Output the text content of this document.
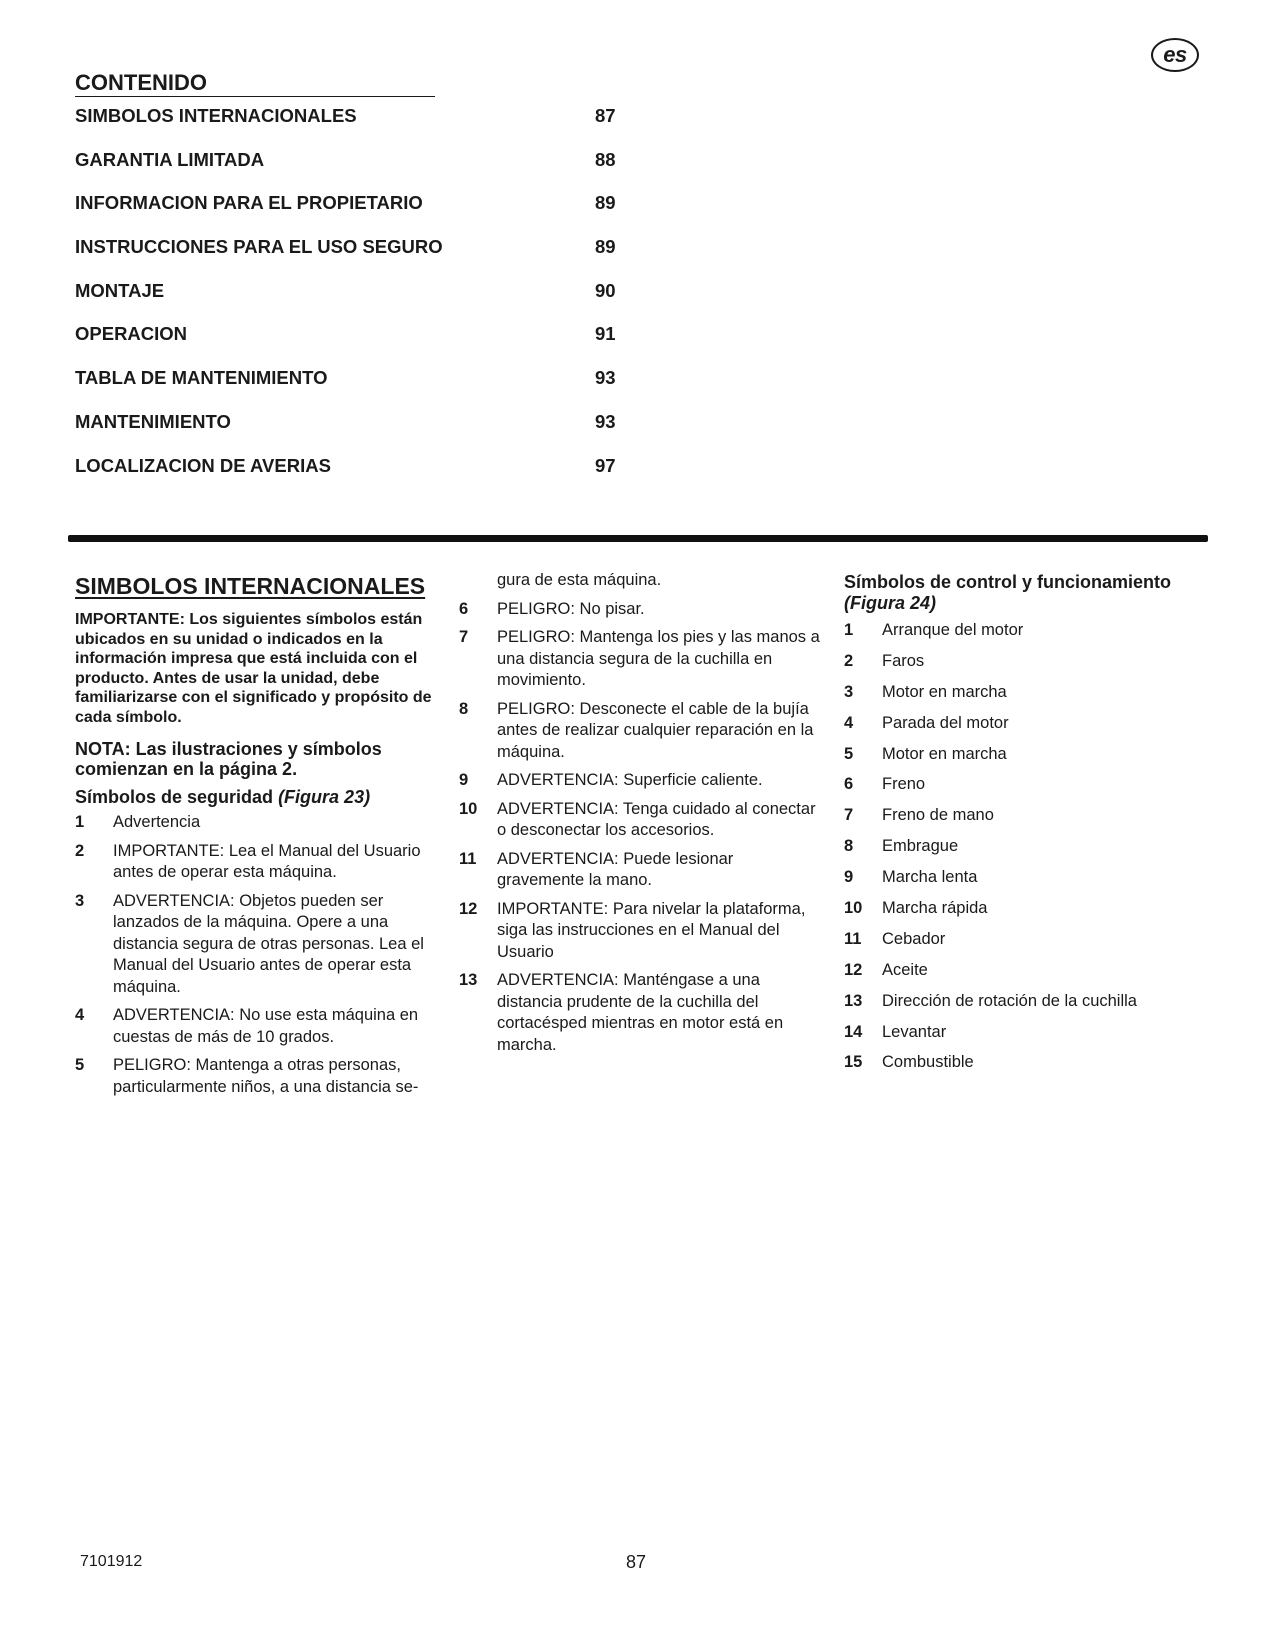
es
CONTENIDO
SIMBOLOS INTERNACIONALES	87
GARANTIA LIMITADA	88
INFORMACION PARA EL PROPIETARIO	89
INSTRUCCIONES PARA EL USO SEGURO	89
MONTAJE	90
OPERACION	91
TABLA DE MANTENIMIENTO	93
MANTENIMIENTO	93
LOCALIZACION DE AVERIAS	97
SIMBOLOS INTERNACIONALES
IMPORTANTE: Los siguientes símbolos están ubicados en su unidad o indicados en la información impresa que está incluida con el producto. Antes de usar la unidad, debe familiarizarse con el significado y propósito de cada símbolo.
NOTA: Las ilustraciones y símbolos comienzan en la página 2.
Símbolos de seguridad (Figura 23)
1	Advertencia
2	IMPORTANTE: Lea el Manual del Usuario antes de operar esta máquina.
3	ADVERTENCIA: Objetos pueden ser lanzados de la máquina. Opere a una distancia segura de otras personas. Lea el Manual del Usuario antes de operar esta máquina.
4	ADVERTENCIA: No use esta máquina en cuestas de más de 10 grados.
5	PELIGRO: Mantenga a otras personas, particularmente niños, a una distancia se-
gura de esta máquina.
6	PELIGRO: No pisar.
7	PELIGRO: Mantenga los pies y las manos a una distancia segura de la cuchilla en movimiento.
8	PELIGRO: Desconecte el cable de la bujía antes de realizar cualquier reparación en la máquina.
9	ADVERTENCIA: Superficie caliente.
10	ADVERTENCIA: Tenga cuidado al conectar o desconectar los accesorios.
11	ADVERTENCIA: Puede lesionar gravemente la mano.
12	IMPORTANTE: Para nivelar la plataforma, siga las instrucciones en el Manual del Usuario
13	ADVERTENCIA: Manténgase a una distancia prudente de la cuchilla del cortacésped mientras en motor está en marcha.
Símbolos de control y funcionamiento
(Figura 24)
1	Arranque del motor
2	Faros
3	Motor en marcha
4	Parada del motor
5	Motor en marcha
6	Freno
7	Freno de mano
8	Embrague
9	Marcha lenta
10	Marcha rápida
11	Cebador
12	Aceite
13	Dirección de rotación de la cuchilla
14	Levantar
15	Combustible
7101912	87
